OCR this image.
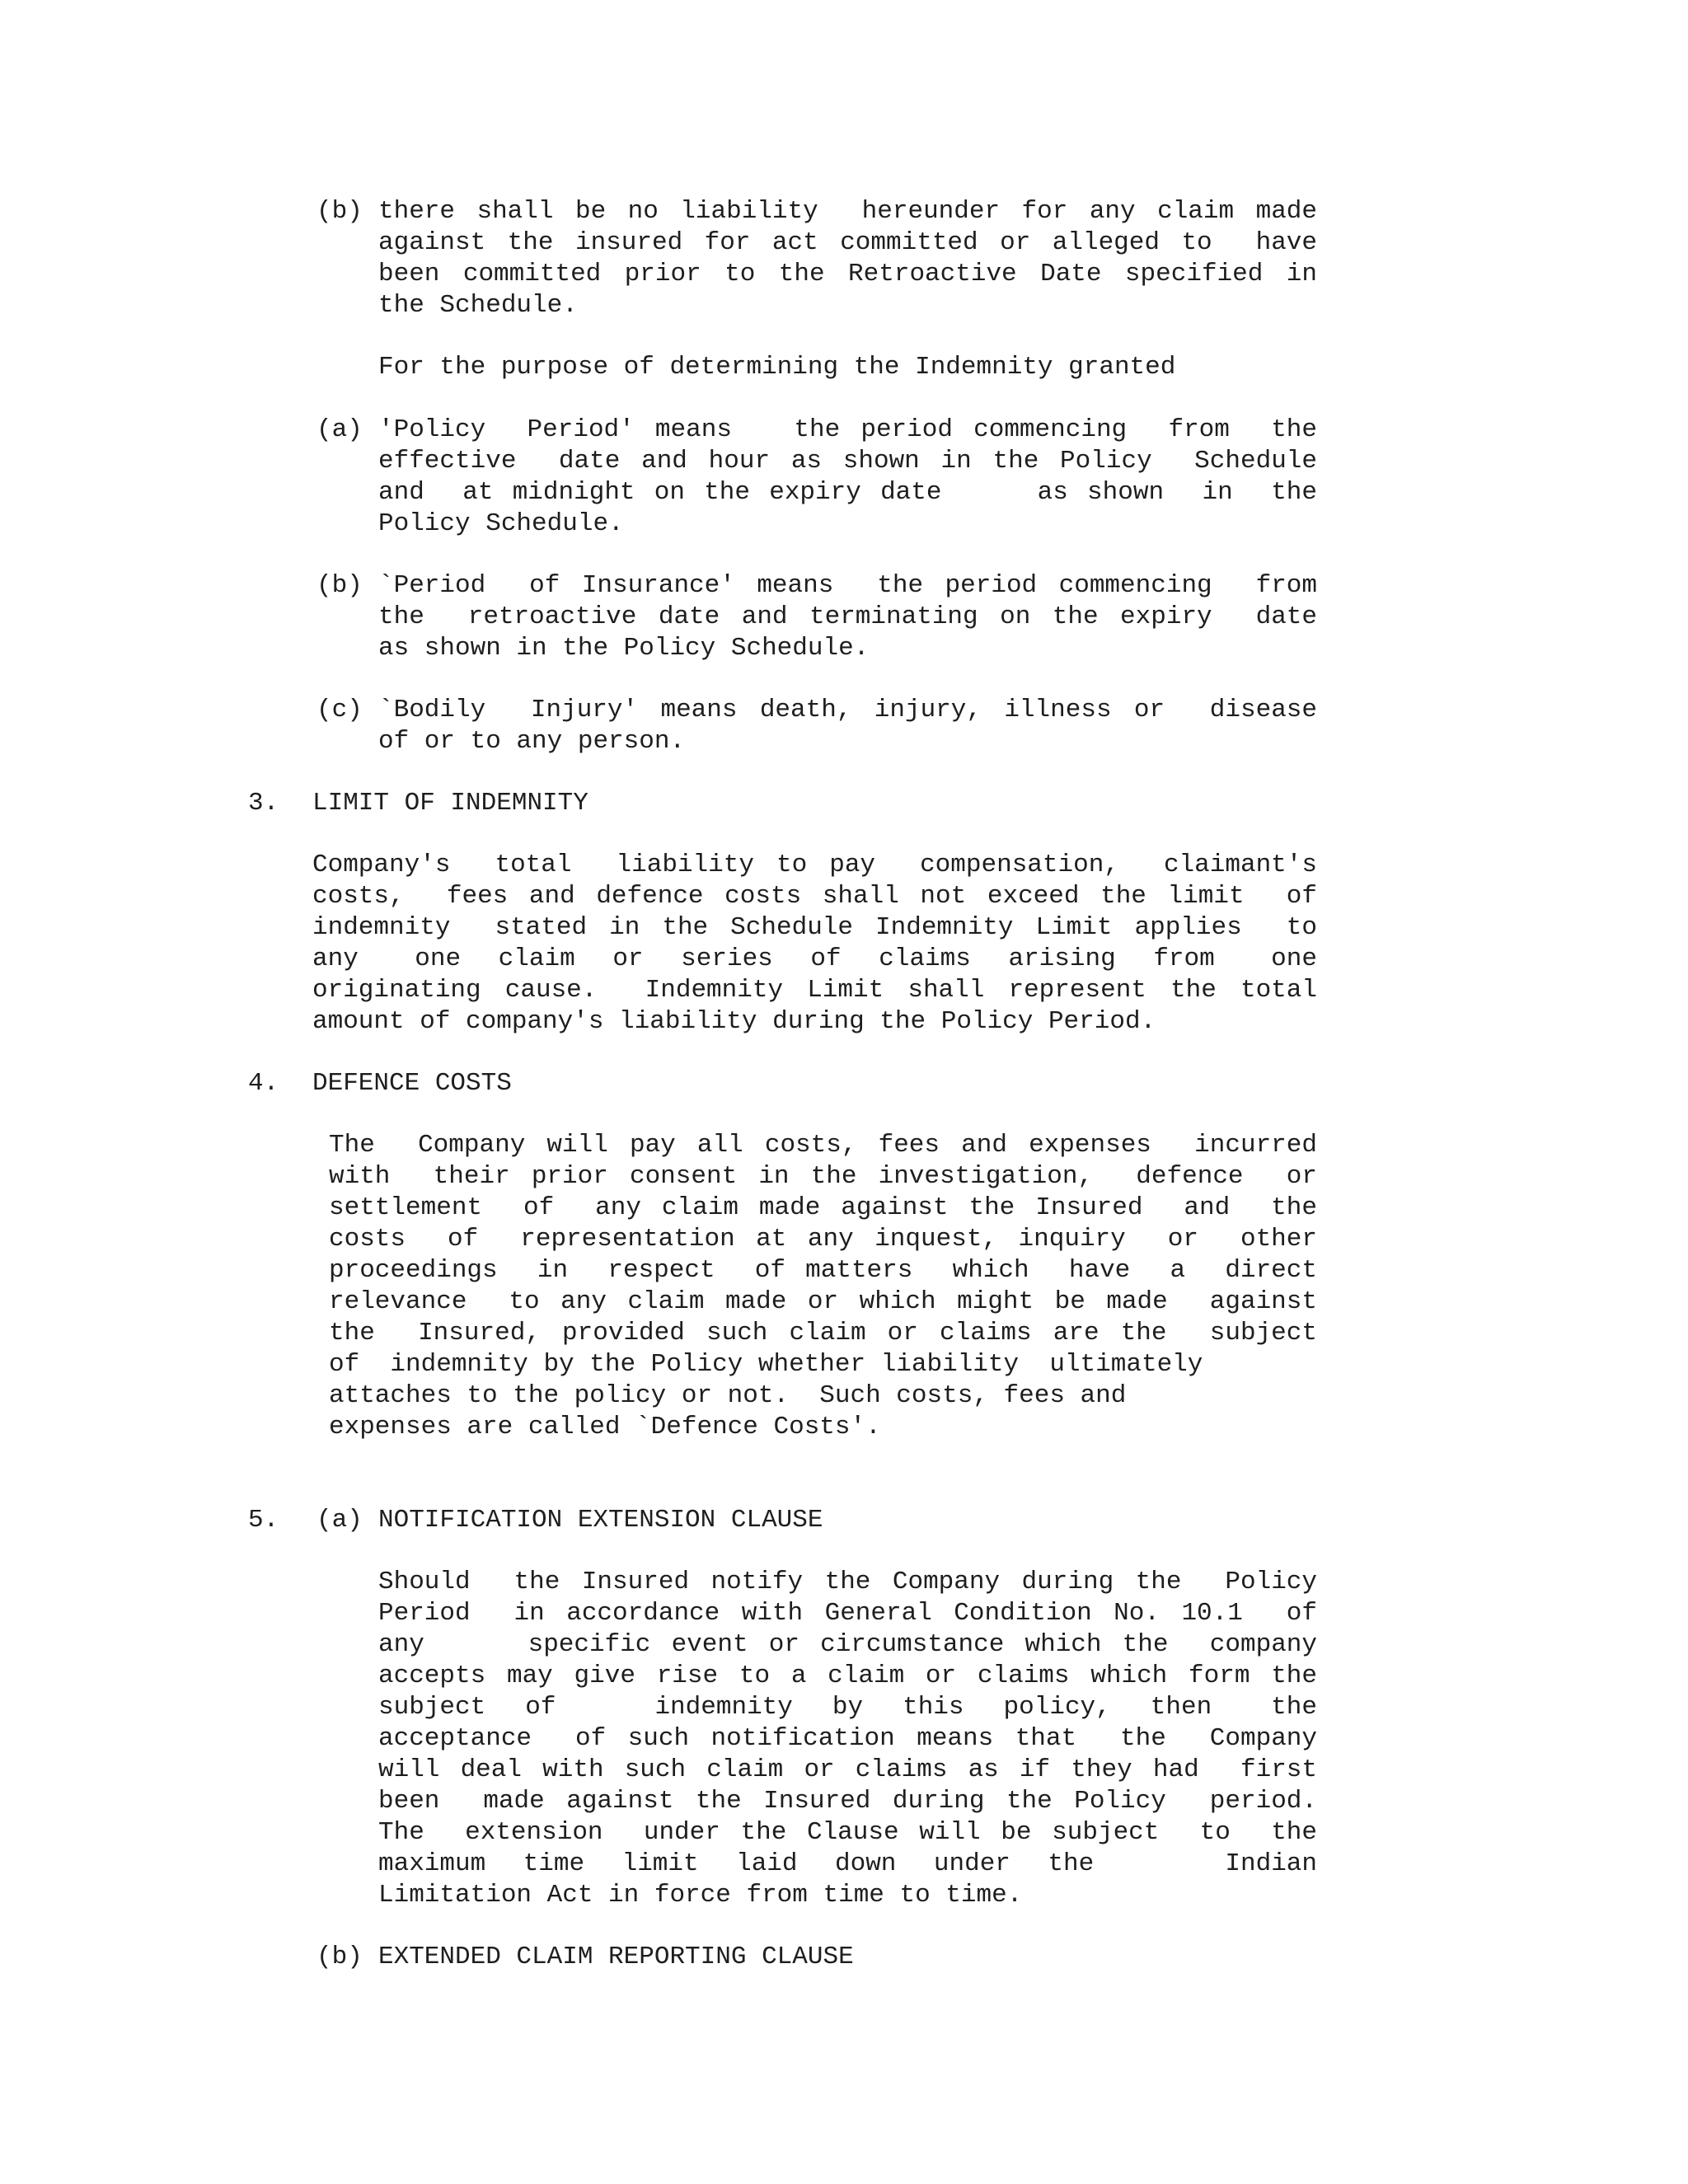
(b) there shall be no liability  hereunder for any claim made
against the insured for act committed or alleged to  have
been committed prior to the Retroactive Date specified in
the Schedule.
For the purpose of determining the Indemnity granted
(a) 'Policy  Period' means   the period commencing  from  the
effective  date and hour as shown in the Policy  Schedule
and  at midnight on the expiry date     as shown  in  the
Policy Schedule.
(b) `Period  of Insurance' means  the period commencing  from
the  retroactive date and terminating on the expiry  date
as shown in the Policy Schedule.
(c) `Bodily  Injury' means death, injury, illness or  disease
of or to any person.
3. LIMIT OF INDEMNITY
Company's  total  liability to pay  compensation,  claimant's
costs,  fees and defence costs shall not exceed the limit  of
indemnity  stated in the Schedule Indemnity Limit applies  to
any   one  claim  or  series  of  claims  arising  from   one
originating cause.  Indemnity Limit shall represent the total
amount of company's liability during the Policy Period.
4. DEFENCE COSTS
The  Company will pay all costs, fees and expenses  incurred
with  their prior consent in the investigation,  defence  or
settlement  of  any claim made against the Insured  and  the
costs  of  representation at any inquest, inquiry  or  other
proceedings  in  respect  of matters  which  have  a  direct
relevance  to any claim made or which might be made  against
the  Insured, provided such claim or claims are the  subject
of  indemnity by the Policy whether liability  ultimately
attaches to the policy or not.  Such costs, fees and
expenses are called `Defence Costs'.
5. (a) NOTIFICATION EXTENSION CLAUSE
Should  the Insured notify the Company during the  Policy
Period  in accordance with General Condition No. 10.1  of
any     specific event or circumstance which the  company
accepts may give rise to a claim or claims which form the
subject  of     indemnity  by  this  policy,  then   the
acceptance  of such notification means that  the  Company
will deal with such claim or claims as if they had  first
been  made against the Insured during the Policy  period.
The  extension  under the Clause will be subject  to  the
maximum  time  limit  laid  down  under  the       Indian
Limitation Act in force from time to time.
(b) EXTENDED CLAIM REPORTING CLAUSE
